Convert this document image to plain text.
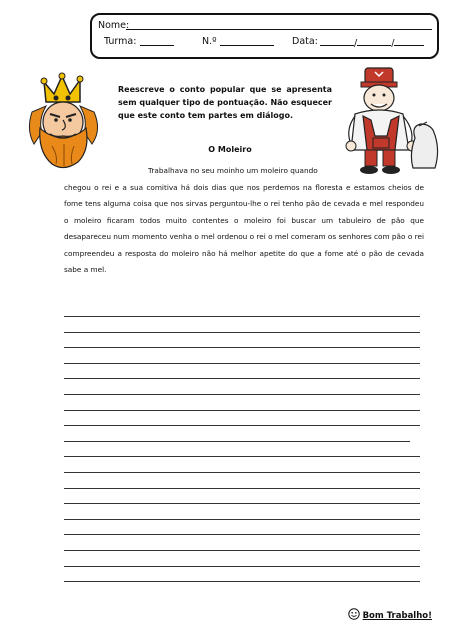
Nome:
Turma:	N.º	Data:	/	/
Reescreve o conto popular que se apresenta sem qualquer tipo de pontuação. Não esquecer que este conto tem partes em diálogo.
O Moleiro
Trabalhava no seu moinho um moleiro quando
chegou o rei e a sua comitiva há dois dias que nos perdemos na floresta e estamos cheios de fome tens alguma coisa que nos sirvas perguntou-lhe o rei tenho pão de cevada e mel respondeu o moleiro ficaram todos muito contentes o moleiro foi buscar um tabuleiro de pão que desapareceu num momento venha o mel ordenou o rei o mel comeram os senhores com pão o rei compreendeu a resposta do moleiro não há melhor apetite do que a fome até o pão de cevada sabe a mel.
Bom Trabalho!
